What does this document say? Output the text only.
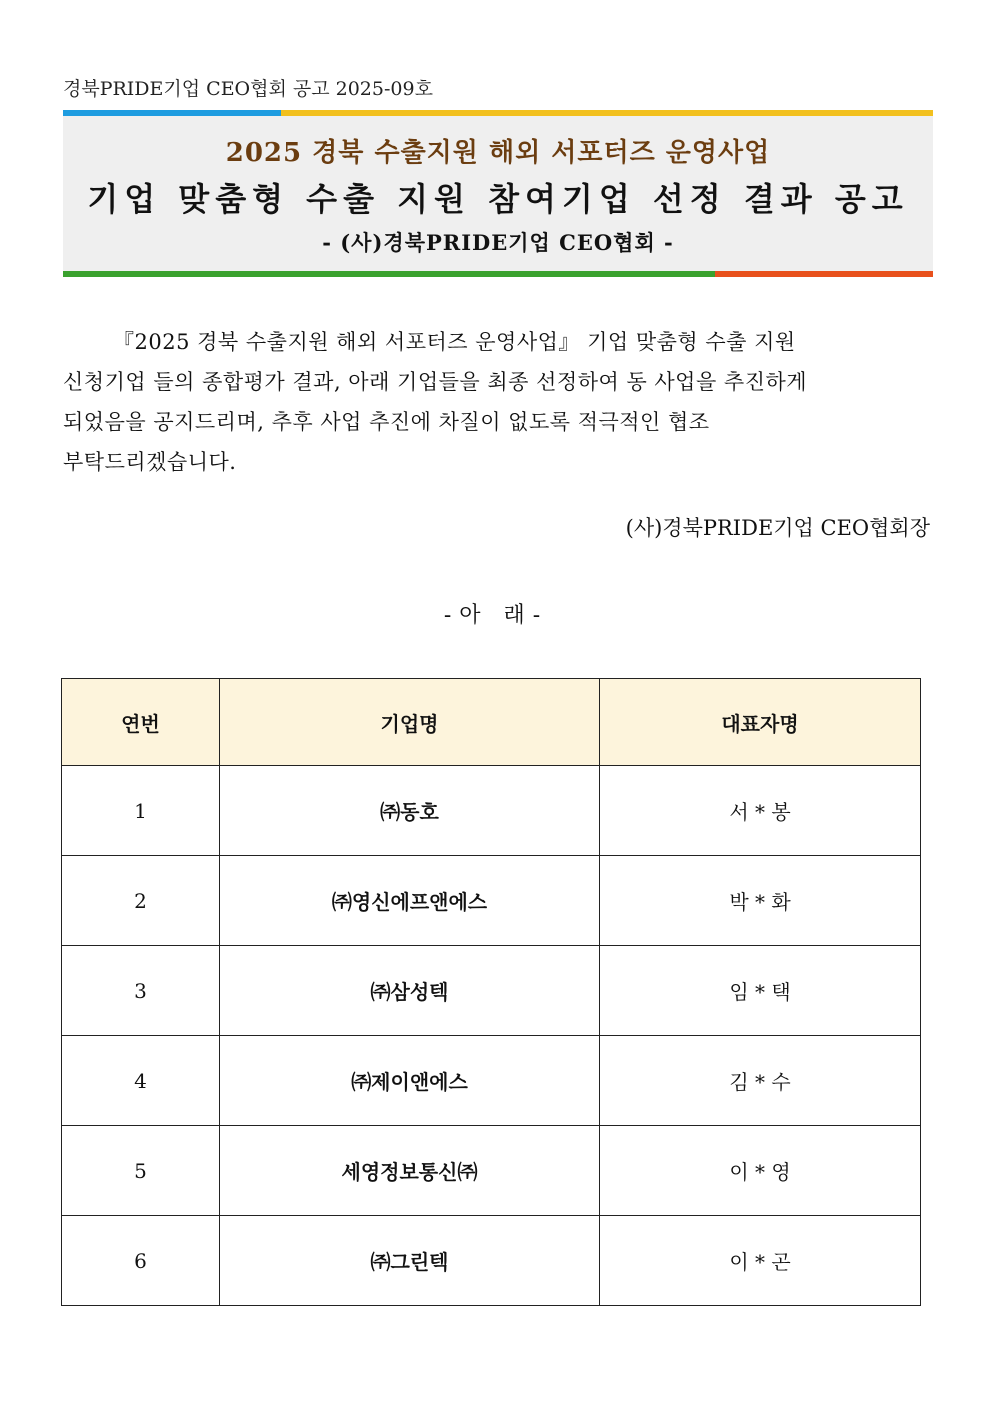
경북PRIDE기업 CEO협회 공고 2025-09호
2025 경북 수출지원 해외 서포터즈 운영사업
기업 맞춤형 수출 지원 참여기업 선정 결과 공고
- (사)경북PRIDE기업 CEO협회 -
『2025 경북 수출지원 해외 서포터즈 운영사업』 기업 맞춤형 수출 지원
신청기업 들의 종합평가 결과, 아래 기업들을 최종 선정하여 동 사업을 추진하게
되었음을 공지드리며, 추후 사업 추진에 차질이 없도록 적극적인 협조
부탁드리겠습니다.
(사)경북PRIDE기업 CEO협회장
-아 래-
연번	기업명	대표자명
1	㈜동호	서 * 봉
2	㈜영신에프앤에스	박 * 화
3	㈜삼성텍	임 * 택
4	㈜제이앤에스	김 * 수
5	세영정보통신㈜	이 * 영
6	㈜그린텍	이 * 곤
